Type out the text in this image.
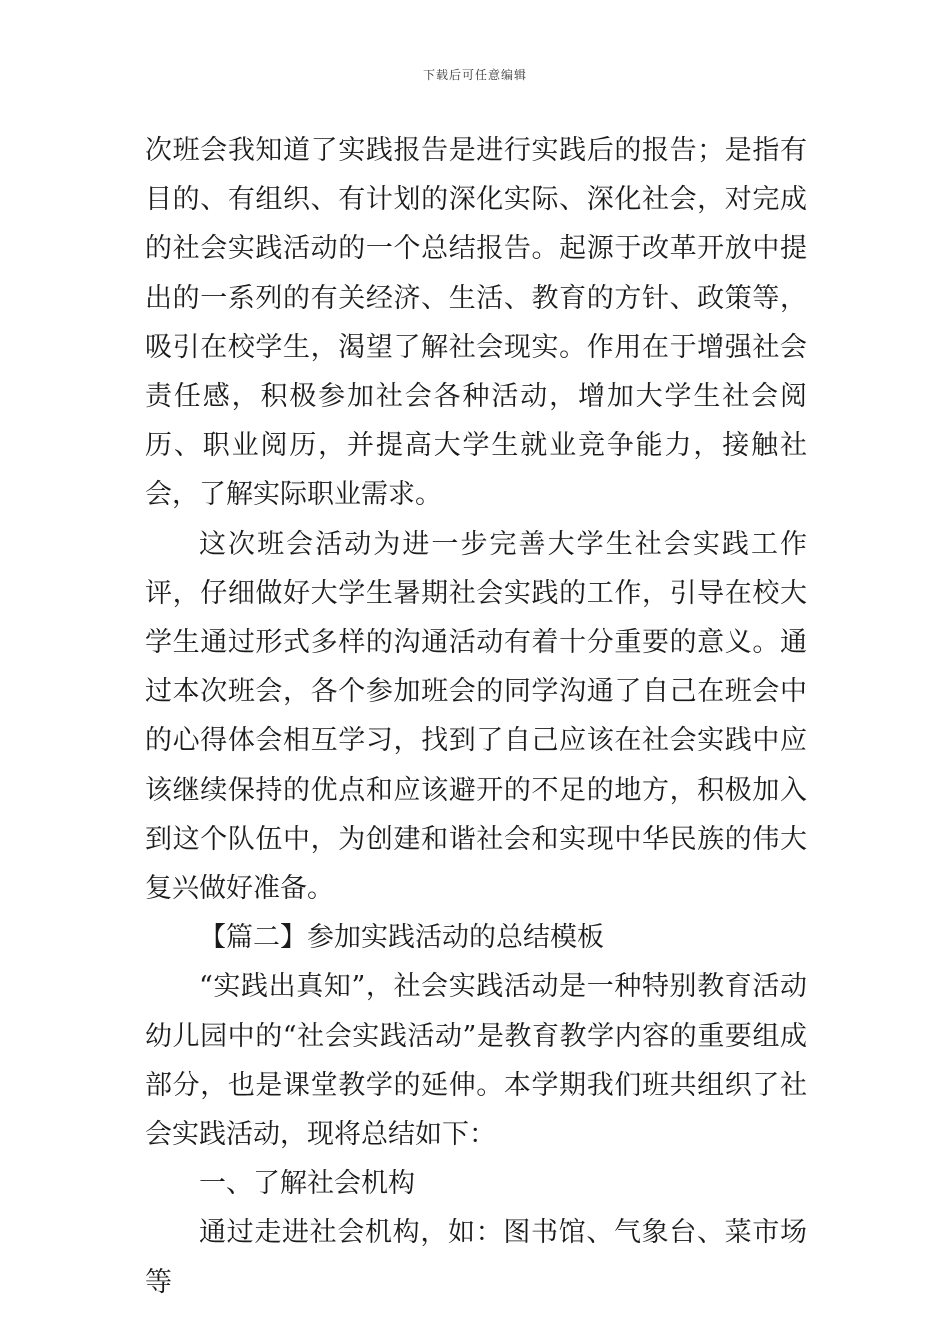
下载后可任意编辑

次班会我知道了实践报告是进行实践后的报告；是指有目的、有组织、有计划的深化实际、深化社会，对完成的社会实践活动的一个总结报告。起源于改革开放中提出的一系列的有关经济、生活、教育的方针、政策等，吸引在校学生，渴望了解社会现实。作用在于增强社会责任感，积极参加社会各种活动，增加大学生社会阅历、职业阅历，并提高大学生就业竞争能力，接触社会，了解实际职业需求。

这次班会活动为进一步完善大学生社会实践工作评，仔细做好大学生暑期社会实践的工作，引导在校大学生通过形式多样的沟通活动有着十分重要的意义。通过本次班会，各个参加班会的同学沟通了自己在班会中的心得体会相互学习，找到了自己应该在社会实践中应该继续保持的优点和应该避开的不足的地方，积极加入到这个队伍中，为创建和谐社会和实现中华民族的伟大复兴做好准备。

【篇二】参加实践活动的总结模板

“实践出真知”，社会实践活动是一种特别教育活动幼儿园中的“社会实践活动”是教育教学内容的重要组成部分，也是课堂教学的延伸。本学期我们班共组织了社会实践活动，现将总结如下：

一、了解社会机构

通过走进社会机构，如：图书馆、气象台、菜市场等
